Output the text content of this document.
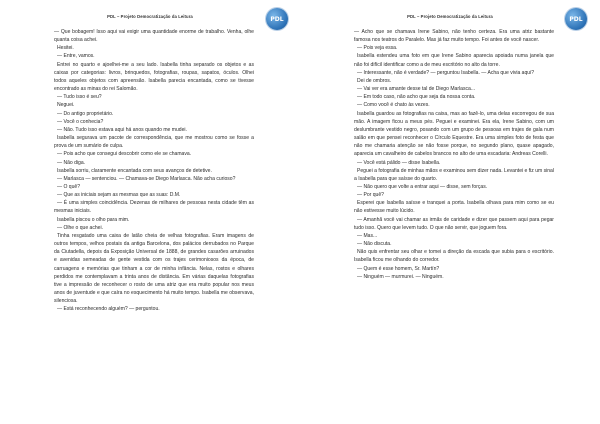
PDL – Projeto Democratização da Leitura	PDL

— Que bobagem! Isso aqui vai exigir uma quantidade enorme de trabalho. Venha, olhe quanta coisa achei.

Hesitei.

— Entre, vamos.

Entrei no quarto e ajoelhei-me a seu lado. Isabella tinha separado os objetos e as caixas por categorias: livros, brinquedos, fotografias, roupas, sapatos, óculos. Olhei todos aqueles objetos com apreensão. Isabella parecia encantada, como se tivesse encontrado as minas do rei Salomão.

— Tudo isso é seu?

Neguei.

— Do antigo proprietário.

— Você o conhecia?

— Não. Tudo isso estava aqui há anos quando me mudei.

Isabella segurava um pacote de correspondência, que me mostrou como se fosse a prova de um sumário de culpa.

— Pois acho que consegui descobrir como ele se chamava.

— Não diga.

Isabella sorriu, claramente encantada com seus avanços de detetive.

— Marlasca — sentenciou. — Chamava-se Diego Marlasca. Não acha curioso?

— O quê?

— Que as iniciais sejam as mesmas que as suas: D.M.

— É uma simples coincidência. Dezenas de milhares de pessoas nesta cidade têm as mesmas iniciais.

Isabella piscou o olho para mim.

— Olhe o que achei.

Tinha resgatado uma caixa de latão cheia de velhas fotografias. Eram imagens de outros tempos, velhos postais da antiga Barcelona, dos palácios derrubados no Parque da Ciutadella, depois da Exposição Universal de 1888, de grandes casarões arruinados e avenidas semeadas de gente vestida com os trajes cerimoniosos da época, de carruagens e memórias que tinham a cor de minha infância. Nelas, rostos e olhares perdidos me contemplavam a trinta anos de distância. Em várias daquelas fotografias tive a impressão de reconhecer o rosto de uma atriz que era muito popular nos meus anos de juventude e que caíra no esquecimento há muito tempo. Isabella me observava, silenciosa.

— Está reconhecendo alguém? — perguntou.

PDL – Projeto Democratização da Leitura	PDL

— Acho que se chamava Irene Sabino, não tenho certeza. Era uma atriz bastante famosa nos teatros do Paralelo. Mas já faz muito tempo. Foi antes de você nascer.

— Pois veja essa.

Isabella estendeu uma foto em que Irene Sabino aparecia apoiada numa janela que não foi difícil identificar como a de meu escritório no alto da torre.

— Interessante, não é verdade? — perguntou Isabella. — Acha que vivia aqui?

Dei de ombros.

— Vai ver era amante desse tal de Diego Marlasca...

— Em todo caso, não acho que seja da nossa conta.

— Como você é chato às vezes.

Isabella guardou as fotografias na caixa, mas ao fazê-lo, uma delas escorregou de sua mão. A imagem ficou a meus pés. Peguei e examinei. Era ela, Irene Sabino, com um deslumbrante vestido negro, posando com um grupo de pessoas em trajes de gala num salão em que pensei reconhecer o Círculo Equestre. Era uma simples foto de festa que não me chamaria atenção se não fosse porque, no segundo plano, quase apagado, aparecia um cavalheiro de cabelos brancos no alto de uma escadaria: Andreas Corelli.

— Você está pálido — disse Isabella.

Peguei a fotografia de minhas mãos e examinou sem dizer nada. Levantei e fiz um sinal a Isabella para que saísse do quarto.

— Não quero que volte a entrar aqui — disse, sem forças.

— Por quê?

Esperei que Isabella saísse e tranquei a porta. Isabella olhava para mim como se eu não estivesse muito lúcido.

— Amanhã você vai chamar as irmãs de caridade e dizer que passem aqui para pegar tudo isso. Quero que levem tudo. O que não servir, que joguem fora.

— Mas...

— Não discuta.

Não quis enfrentar seu olhar e tomei a direção da escada que subia para o escritório. Isabella ficou me olhando do corredor.

— Quem é esse homem, Sr. Martín?

— Ninguém — murmurei. — Ninguém.
